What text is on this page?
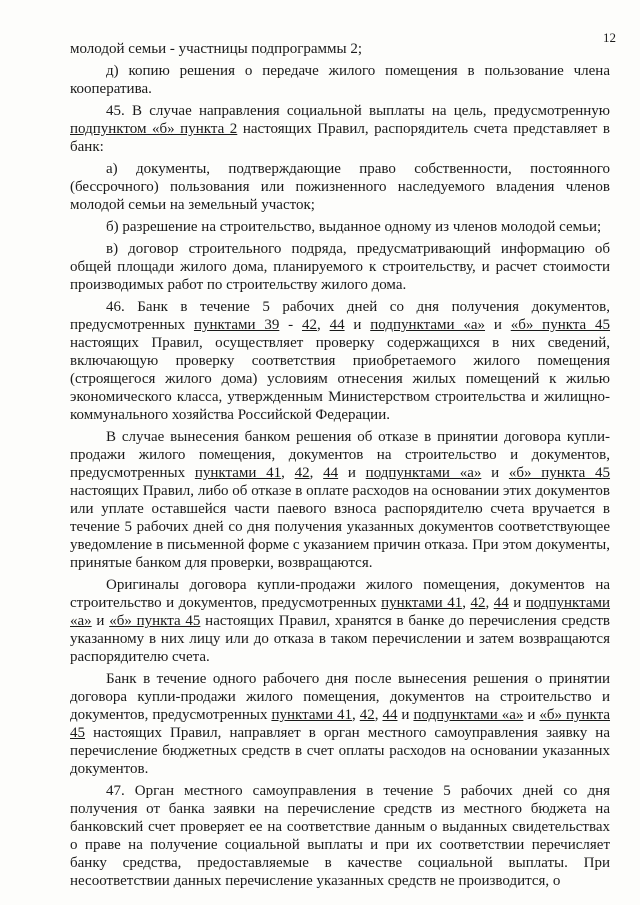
12

молодой семьи - участницы подпрограммы 2;

д) копию решения о передаче жилого помещения в пользование члена кооператива.

45. В случае направления социальной выплаты на цель, предусмотренную подпунктом «б» пункта 2 настоящих Правил, распорядитель счета представляет в банк:

а) документы, подтверждающие право собственности, постоянного (бессрочного) пользования или пожизненного наследуемого владения членов молодой семьи на земельный участок;

б) разрешение на строительство, выданное одному из членов молодой семьи;

в) договор строительного подряда, предусматривающий информацию об общей площади жилого дома, планируемого к строительству, и расчет стоимости производимых работ по строительству жилого дома.

46. Банк в течение 5 рабочих дней со дня получения документов, предусмотренных пунктами 39 - 42, 44 и подпунктами «а» и «б» пункта 45 настоящих Правил, осуществляет проверку содержащихся в них сведений, включающую проверку соответствия приобретаемого жилого помещения (строящегося жилого дома) условиям отнесения жилых помещений к жилью экономического класса, утвержденным Министерством строительства и жилищно-коммунального хозяйства Российской Федерации.

В случае вынесения банком решения об отказе в принятии договора купли-продажи жилого помещения, документов на строительство и документов, предусмотренных пунктами 41, 42, 44 и подпунктами «а» и «б» пункта 45 настоящих Правил, либо об отказе в оплате расходов на основании этих документов или уплате оставшейся части паевого взноса распорядителю счета вручается в течение 5 рабочих дней со дня получения указанных документов соответствующее уведомление в письменной форме с указанием причин отказа. При этом документы, принятые банком для проверки, возвращаются.

Оригиналы договора купли-продажи жилого помещения, документов на строительство и документов, предусмотренных пунктами 41, 42, 44 и подпунктами «а» и «б» пункта 45 настоящих Правил, хранятся в банке до перечисления средств указанному в них лицу или до отказа в таком перечислении и затем возвращаются распорядителю счета.

Банк в течение одного рабочего дня после вынесения решения о принятии договора купли-продажи жилого помещения, документов на строительство и документов, предусмотренных пунктами 41, 42, 44 и подпунктами «а» и «б» пункта 45 настоящих Правил, направляет в орган местного самоуправления заявку на перечисление бюджетных средств в счет оплаты расходов на основании указанных документов.

47. Орган местного самоуправления в течение 5 рабочих дней со дня получения от банка заявки на перечисление средств из местного бюджета на банковский счет проверяет ее на соответствие данным о выданных свидетельствах о праве на получение социальной выплаты и при их соответствии перечисляет банку средства, предоставляемые в качестве социальной выплаты. При несоответствии данных перечисление указанных средств не производится, о
